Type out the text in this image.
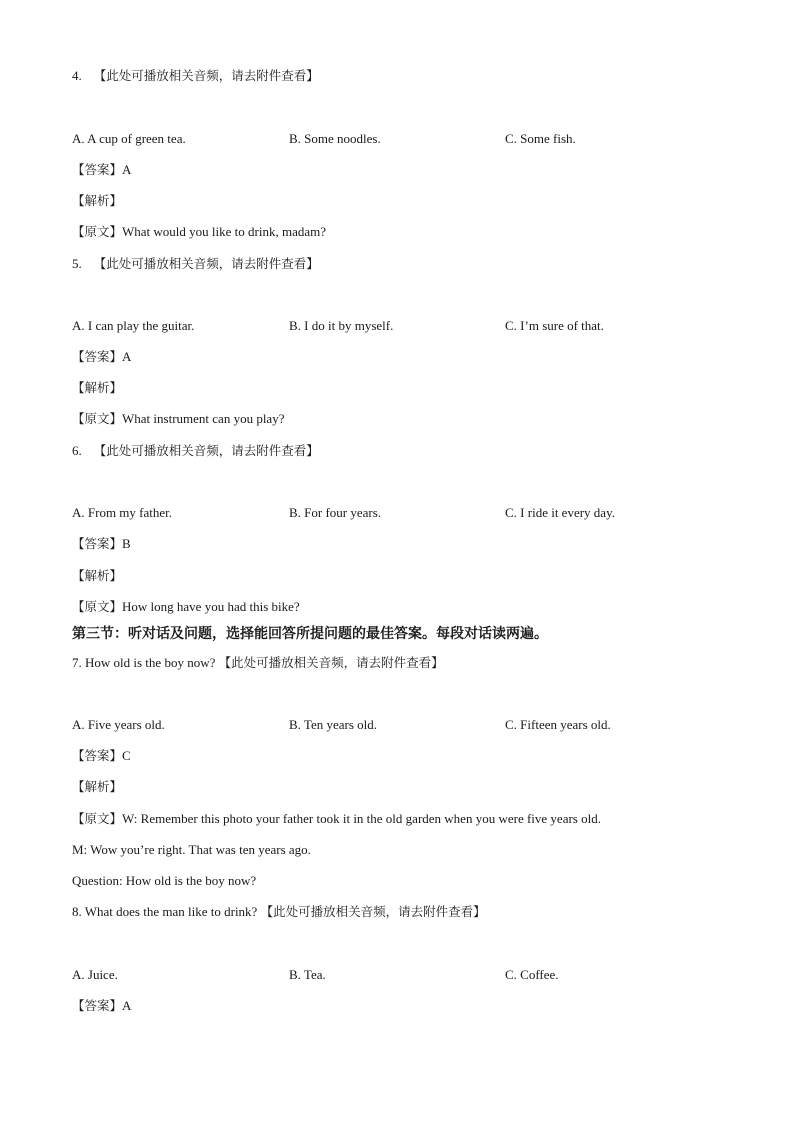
4. 【此处可播放相关音频，请去附件查看】
A. A cup of green tea.	B. Some noodles.	C. Some fish.
【答案】A
【解析】
【原文】What would you like to drink, madam?
5. 【此处可播放相关音频，请去附件查看】
A. I can play the guitar.	B. I do it by myself.	C. I’m sure of that.
【答案】A
【解析】
【原文】What instrument can you play?
6. 【此处可播放相关音频，请去附件查看】
A. From my father.	B. For four years.	C. I ride it every day.
【答案】B
【解析】
【原文】How long have you had this bike?
第三节：听对话及问题，选择能回答所提问题的最佳答案。每段对话读两遍。
7. How old is the boy now? 【此处可播放相关音频，请去附件查看】
A. Five years old.	B. Ten years old.	C. Fifteen years old.
【答案】C
【解析】
【原文】W: Remember this photo your father took it in the old garden when you were five years old.
M: Wow you’re right. That was ten years ago.
Question: How old is the boy now?
8. What does the man like to drink? 【此处可播放相关音频，请去附件查看】
A. Juice.	B. Tea.	C. Coffee.
【答案】A
